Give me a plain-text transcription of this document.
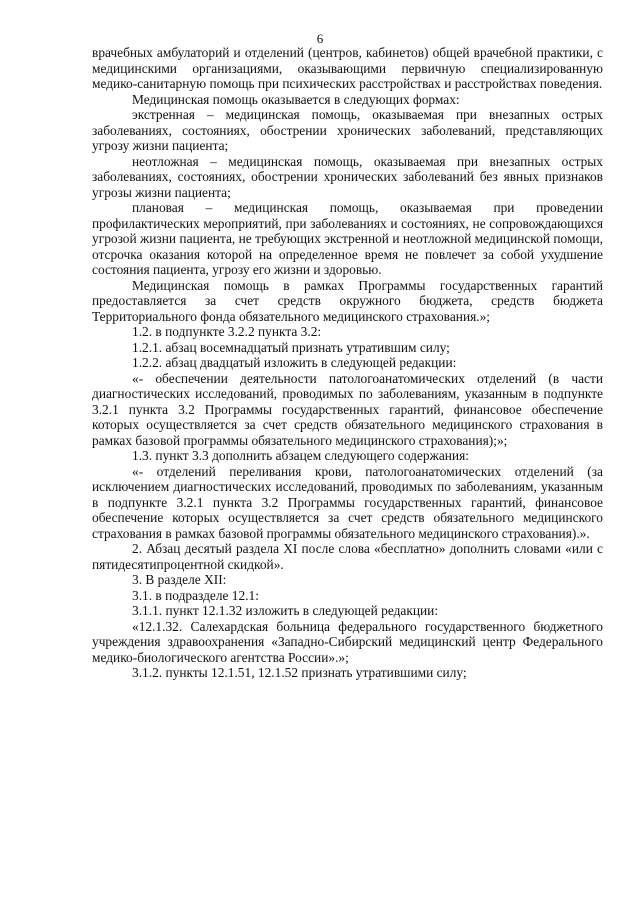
6

врачебных амбулаторий и отделений (центров, кабинетов) общей врачебной практики, с медицинскими организациями, оказывающими первичную специализированную медико-санитарную помощь при психических расстройствах и расстройствах поведения.

Медицинская помощь оказывается в следующих формах:

экстренная – медицинская помощь, оказываемая при внезапных острых заболеваниях, состояниях, обострении хронических заболеваний, представляющих угрозу жизни пациента;

неотложная – медицинская помощь, оказываемая при внезапных острых заболеваниях, состояниях, обострении хронических заболеваний без явных признаков угрозы жизни пациента;

плановая – медицинская помощь, оказываемая при проведении профилактических мероприятий, при заболеваниях и состояниях, не сопровождающихся угрозой жизни пациента, не требующих экстренной и неотложной медицинской помощи, отсрочка оказания которой на определенное время не повлечет за собой ухудшение состояния пациента, угрозу его жизни и здоровью.

Медицинская помощь в рамках Программы государственных гарантий предоставляется за счет средств окружного бюджета, средств бюджета Территориального фонда обязательного медицинского страхования.»;

1.2. в подпункте 3.2.2 пункта 3.2:

1.2.1. абзац восемнадцатый признать утратившим силу;

1.2.2. абзац двадцатый изложить в следующей редакции:

«- обеспечении деятельности патологоанатомических отделений (в части диагностических исследований, проводимых по заболеваниям, указанным в подпункте 3.2.1 пункта 3.2 Программы государственных гарантий, финансовое обеспечение которых осуществляется за счет средств обязательного медицинского страхования в рамках базовой программы обязательного медицинского страхования);»;

1.3. пункт 3.3 дополнить абзацем следующего содержания:

«- отделений переливания крови, патологоанатомических отделений (за исключением диагностических исследований, проводимых по заболеваниям, указанным в подпункте 3.2.1 пункта 3.2 Программы государственных гарантий, финансовое обеспечение которых осуществляется за счет средств обязательного медицинского страхования в рамках базовой программы обязательного медицинского страхования).».

2. Абзац десятый раздела XI после слова «бесплатно» дополнить словами «или с пятидесятипроцентной скидкой».

3. В разделе XII:

3.1. в подразделе 12.1:

3.1.1. пункт 12.1.32 изложить в следующей редакции:

«12.1.32. Салехардская больница федерального государственного бюджетного учреждения здравоохранения «Западно-Сибирский медицинский центр Федерального медико-биологического агентства России».»;

3.1.2. пункты 12.1.51, 12.1.52 признать утратившими силу;
